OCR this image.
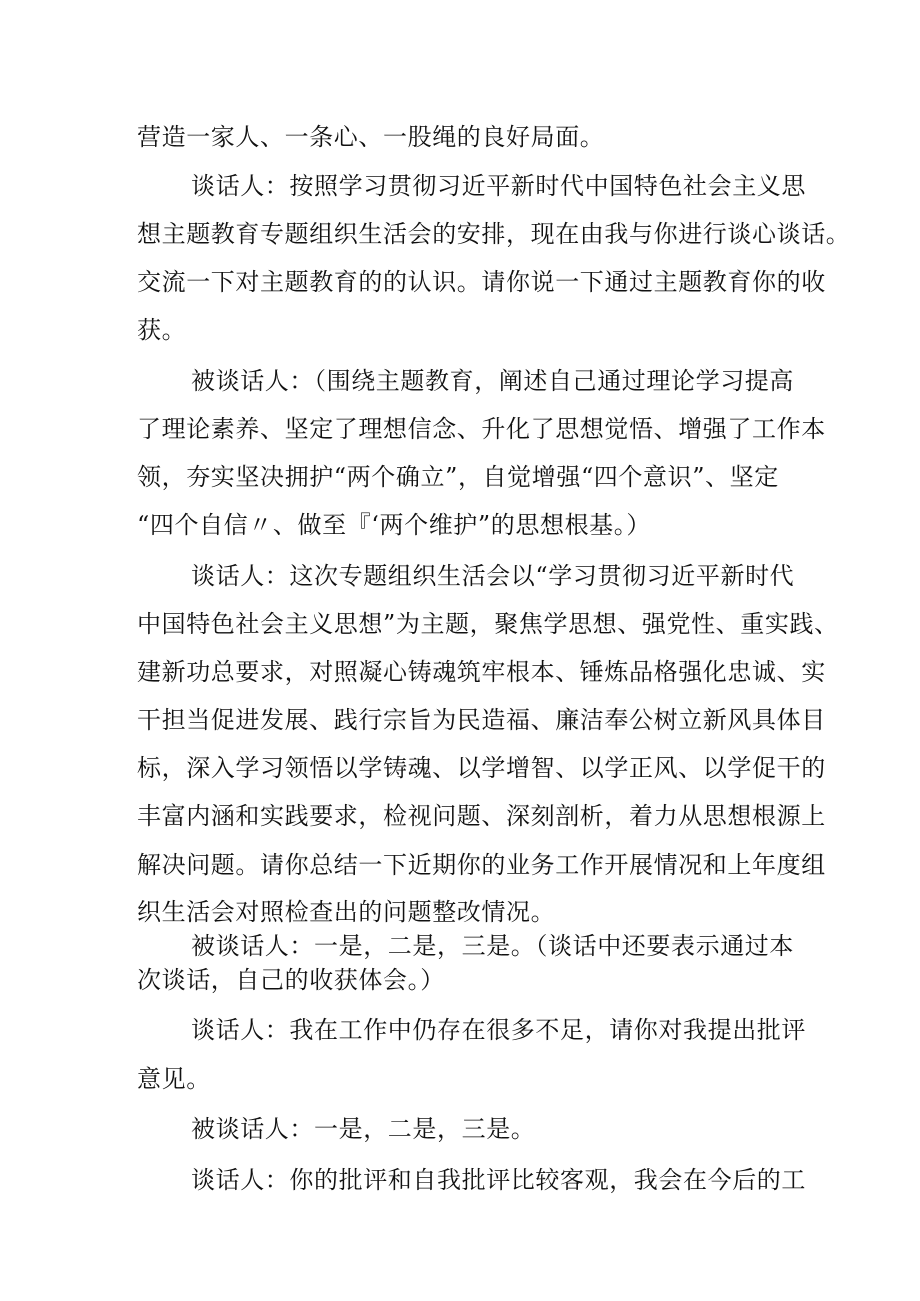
营造一家人、一条心、一股绳的良好局面。
谈话人：按照学习贯彻习近平新时代中国特色社会主义思
想主题教育专题组织生活会的安排，现在由我与你进行谈心谈话。
交流一下对主题教育的的认识。请你说一下通过主题教育你的收
获。
被谈话人：（围绕主题教育，阐述自己通过理论学习提高
了理论素养、坚定了理想信念、升化了思想觉悟、增强了工作本
领，夯实坚决拥护“两个确立”，自觉增强“四个意识”、坚定
“四个自信〃、做至『‘两个维护”的思想根基。）
谈话人：这次专题组织生活会以“学习贯彻习近平新时代
中国特色社会主义思想”为主题，聚焦学思想、强党性、重实践、
建新功总要求，对照凝心铸魂筑牢根本、锤炼品格强化忠诚、实
干担当促进发展、践行宗旨为民造福、廉洁奉公树立新风具体目
标，深入学习领悟以学铸魂、以学增智、以学正风、以学促干的
丰富内涵和实践要求，检视问题、深刻剖析，着力从思想根源上
解决问题。请你总结一下近期你的业务工作开展情况和上年度组
织生活会对照检查出的问题整改情况。
被谈话人：一是，二是，三是。（谈话中还要表示通过本
次谈话，自己的收获体会。）
谈话人：我在工作中仍存在很多不足，请你对我提出批评
意见。
被谈话人：一是，二是，三是。
谈话人：你的批评和自我批评比较客观，我会在今后的工
